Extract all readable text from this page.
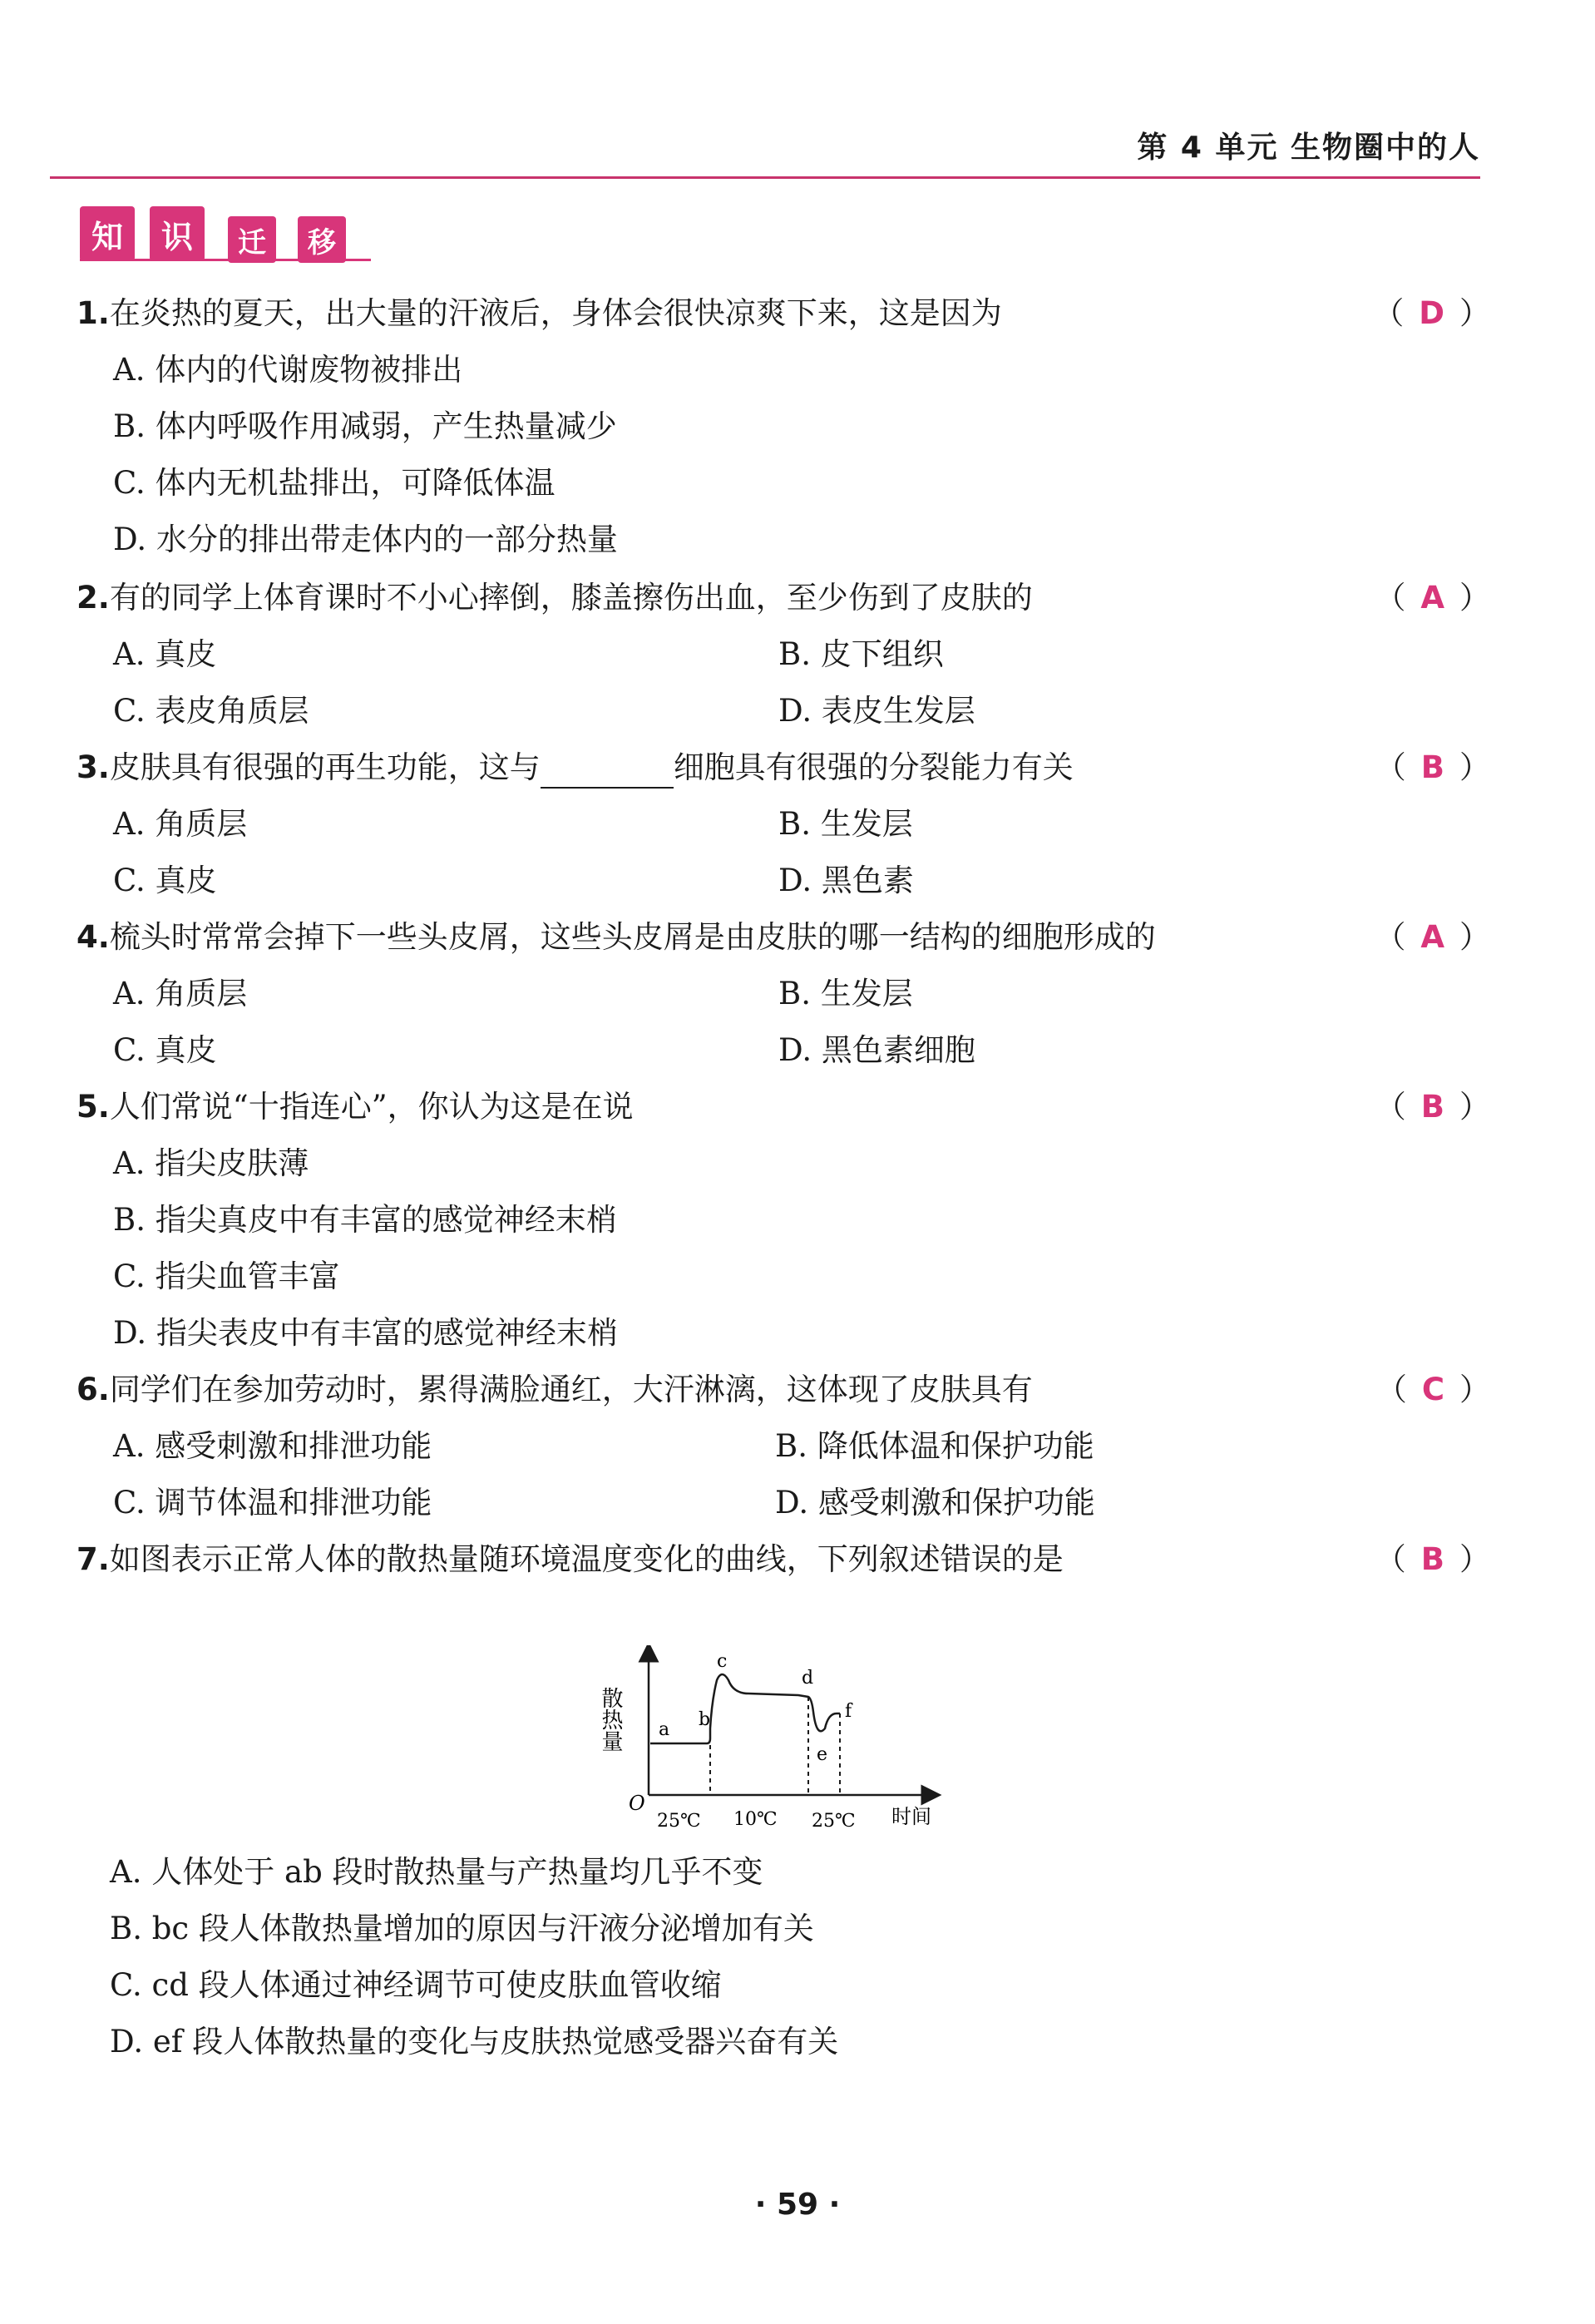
第 4 单元 生物圈中的人
知	识	迁	移
1.在炎热的夏天，出大量的汗液后，身体会很快凉爽下来，这是因为	（ D ）
A. 体内的代谢废物被排出
B. 体内呼吸作用减弱，产生热量减少
C. 体内无机盐排出，可降低体温
D. 水分的排出带走体内的一部分热量
2.有的同学上体育课时不小心摔倒，膝盖擦伤出血，至少伤到了皮肤的	（ A ）
A. 真皮	B. 皮下组织
C. 表皮角质层	D. 表皮生发层
3.皮肤具有很强的再生功能，这与	细胞具有很强的分裂能力有关	（ B ）
A. 角质层	B. 生发层
C. 真皮	D. 黑色素
4.梳头时常常会掉下一些头皮屑，这些头皮屑是由皮肤的哪一结构的细胞形成的	（ A ）
A. 角质层	B. 生发层
C. 真皮	D. 黑色素细胞
5.人们常说“十指连心”，你认为这是在说	（ B ）
A. 指尖皮肤薄
B. 指尖真皮中有丰富的感觉神经末梢
C. 指尖血管丰富
D. 指尖表皮中有丰富的感觉神经末梢
6.同学们在参加劳动时，累得满脸通红，大汗淋漓，这体现了皮肤具有	（ C ）
A. 感受刺激和排泄功能	B. 降低体温和保护功能
C. 调节体温和排泄功能	D. 感受刺激和保护功能
7.如图表示正常人体的散热量随环境温度变化的曲线，下列叙述错误的是	（ B ）
散热量 a b
c
d
e
f
O
25℃ 10℃ 25℃ 时间
A. 人体处于 ab 段时散热量与产热量均几乎不变
B. bc 段人体散热量增加的原因与汗液分泌增加有关
C. cd 段人体通过神经调节可使皮肤血管收缩
D. ef 段人体散热量的变化与皮肤热觉感受器兴奋有关
· 59 ·
